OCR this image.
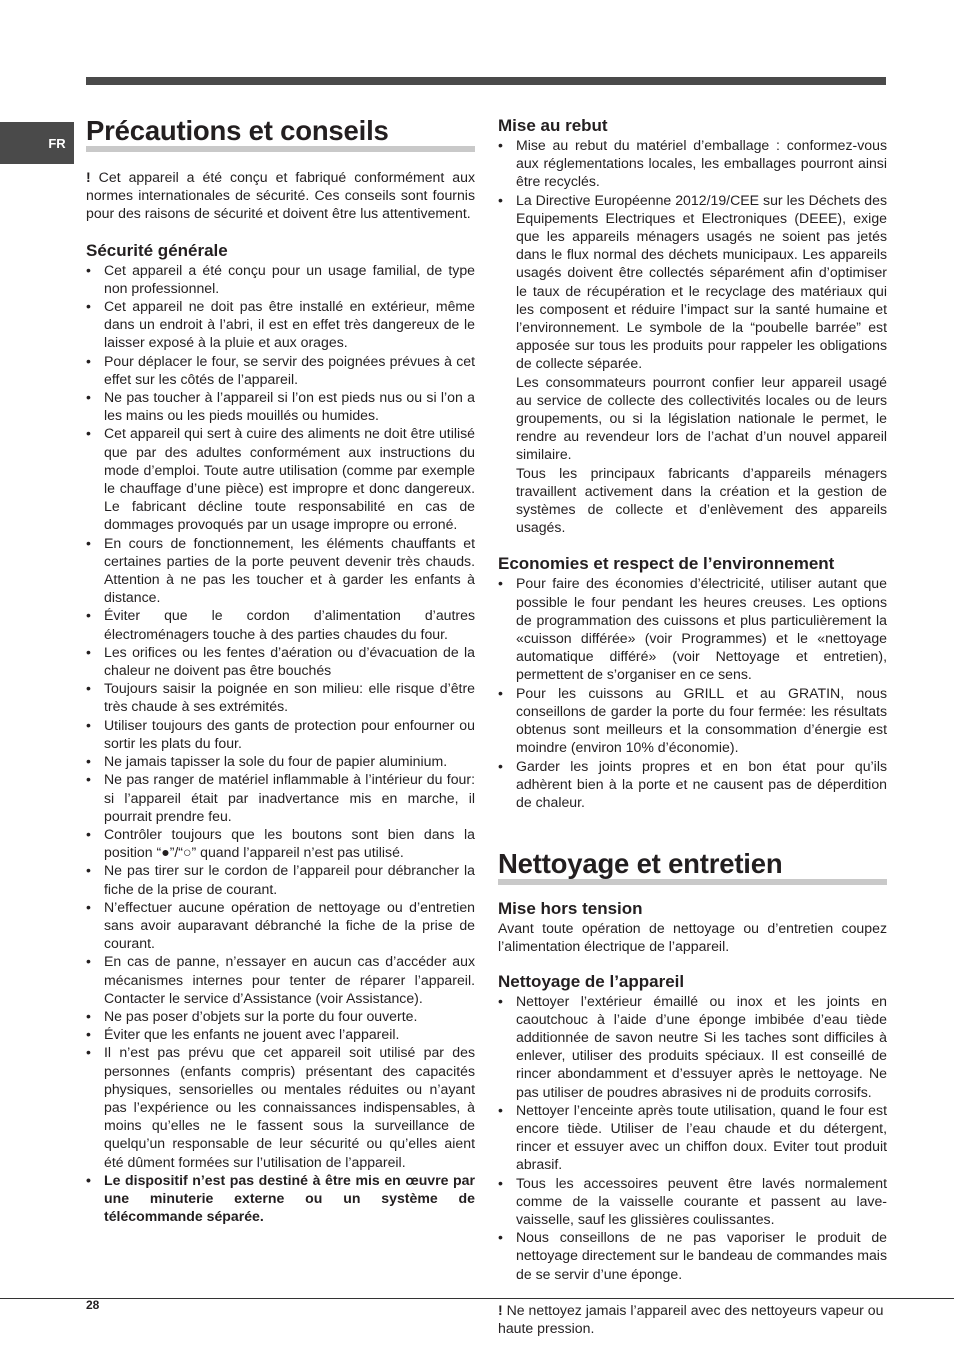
FR Précautions et conseils

! Cet appareil a été conçu et fabriqué conformément aux normes internationales de sécurité. Ces conseils sont fournis pour des raisons de sécurité et doivent être lus attentivement.

Sécurité générale
• Cet appareil a été conçu pour un usage familial, de type non professionnel.
• Cet appareil ne doit pas être installé en extérieur, même dans un endroit à l’abri, il est en effet très dangereux de le laisser exposé à la pluie et aux orages.
• Pour déplacer le four, se servir des poignées prévues à cet effet sur les côtés de l’appareil.
• Ne pas toucher à l’appareil si l’on est pieds nus ou si l’on a les mains ou les pieds mouillés ou humides.
• Cet appareil qui sert à cuire des aliments ne doit être utilisé que par des adultes conformément aux instructions du mode d’emploi. Toute autre utilisation (comme par exemple le chauffage d’une pièce) est impropre et donc dangereux. Le fabricant décline toute responsabilité en cas de dommages provoqués par un usage impropre ou erroné.
• En cours de fonctionnement, les éléments chauffants et certaines parties de la porte peuvent devenir très chauds. Attention à ne pas les toucher et à garder les enfants à distance.
• Éviter que le cordon d’alimentation d’autres électroménagers touche à des parties chaudes du four.
• Les orifices ou les fentes d’aération ou d’évacuation de la chaleur ne doivent pas être bouchés
• Toujours saisir la poignée en son milieu: elle risque d’être très chaude à ses extrémités.
• Utiliser toujours des gants de protection pour enfourner ou sortir les plats du four.
• Ne jamais tapisser la sole du four de papier aluminium.
• Ne pas ranger de matériel inflammable à l’intérieur du four: si l’appareil était par inadvertance mis en marche, il pourrait prendre feu.
• Contrôler toujours que les boutons sont bien dans la position “●”/“○” quand l’appareil n’est pas utilisé.
• Ne pas tirer sur le cordon de l’appareil pour débrancher la fiche de la prise de courant.
• N’effectuer aucune opération de nettoyage ou d’entretien sans avoir auparavant débranché la fiche de la prise de courant.
• En cas de panne, n’essayer en aucun cas d’accéder aux mécanismes internes pour tenter de réparer l’appareil. Contacter le service d’Assistance (voir Assistance).
• Ne pas poser d’objets sur la porte du four ouverte.
• Éviter que les enfants ne jouent avec l’appareil.
• Il n’est pas prévu que cet appareil soit utilisé par des personnes (enfants compris) présentant des capacités physiques, sensorielles ou mentales réduites ou n’ayant pas l’expérience ou les connaissances indispensables, à moins qu’elles ne le fassent sous la surveillance de quelqu’un responsable de leur sécurité ou qu’elles aient été dûment formées sur l’utilisation de l’appareil.
• Le dispositif n’est pas destiné à être mis en œuvre par une minuterie externe ou un système de télécommande séparée.
Mise au rebut
• Mise au rebut du matériel d’emballage : conformez-vous aux réglementations locales, les emballages pourront ainsi être recyclés.
• La Directive Européenne 2012/19/CEE sur les Déchets des Equipements Electriques et Electroniques (DEEE), exige que les appareils ménagers usagés ne soient pas jetés dans le flux normal des déchets municipaux. Les appareils usagés doivent être collectés séparément afin d’optimiser le taux de récupération et le recyclage des matériaux qui les composent et réduire l’impact sur la santé humaine et l’environnement. Le symbole de la “poubelle barrée” est apposée sur tous les produits pour rappeler les obligations de collecte séparée.

Les consommateurs pourront confier leur appareil usagé au service de collecte des collectivités locales ou de leurs groupements, ou si la législation nationale le permet, le rendre au revendeur lors de l’achat d’un nouvel appareil similaire.

Tous les principaux fabricants d’appareils ménagers travaillent activement dans la création et la gestion de systèmes de collecte et d’enlèvement des appareils usagés.

Economies et respect de l’environnement
• Pour faire des économies d’électricité, utiliser autant que possible le four pendant les heures creuses. Les options de programmation des cuissons et plus particulièrement la «cuisson différée» (voir Programmes) et le «nettoyage automatique différé» (voir Nettoyage et entretien), permettent de s’organiser en ce sens.
• Pour les cuissons au GRILL et au GRATIN, nous conseillons de garder la porte du four fermée: les résultats obtenus sont meilleurs et la consommation d’énergie est moindre (environ 10% d’économie).
• Garder les joints propres et en bon état pour qu’ils adhèrent bien à la porte et ne causent pas de déperdition de chaleur.
Nettoyage et entretien
Mise hors tension

Avant toute opération de nettoyage ou d’entretien coupez l’alimentation électrique de l’appareil.

Nettoyage de l’appareil
• Nettoyer l’extérieur émaillé ou inox et les joints en caoutchouc à l’aide d’une éponge imbibée d’eau tiède additionnée de savon neutre Si les taches sont difficiles à enlever, utiliser des produits spéciaux. Il est conseillé de rincer abondamment et d’essuyer après le nettoyage. Ne pas utiliser de poudres abrasives ni de produits corrosifs.
• Nettoyer l’enceinte après toute utilisation, quand le four est encore tiède. Utiliser de l’eau chaude et du détergent, rincer et essuyer avec un chiffon doux. Eviter tout produit abrasif.
• Tous les accessoires peuvent être lavés normalement comme de la vaisselle courante et passent au lave-vaisselle, sauf les glissières coulissantes.
• Nous conseillons de ne pas vaporiser le produit de nettoyage directement sur le bandeau de commandes mais de se servir d’une éponge.

! Ne nettoyez jamais l’appareil avec des nettoyeurs vapeur ou haute pression.

28
